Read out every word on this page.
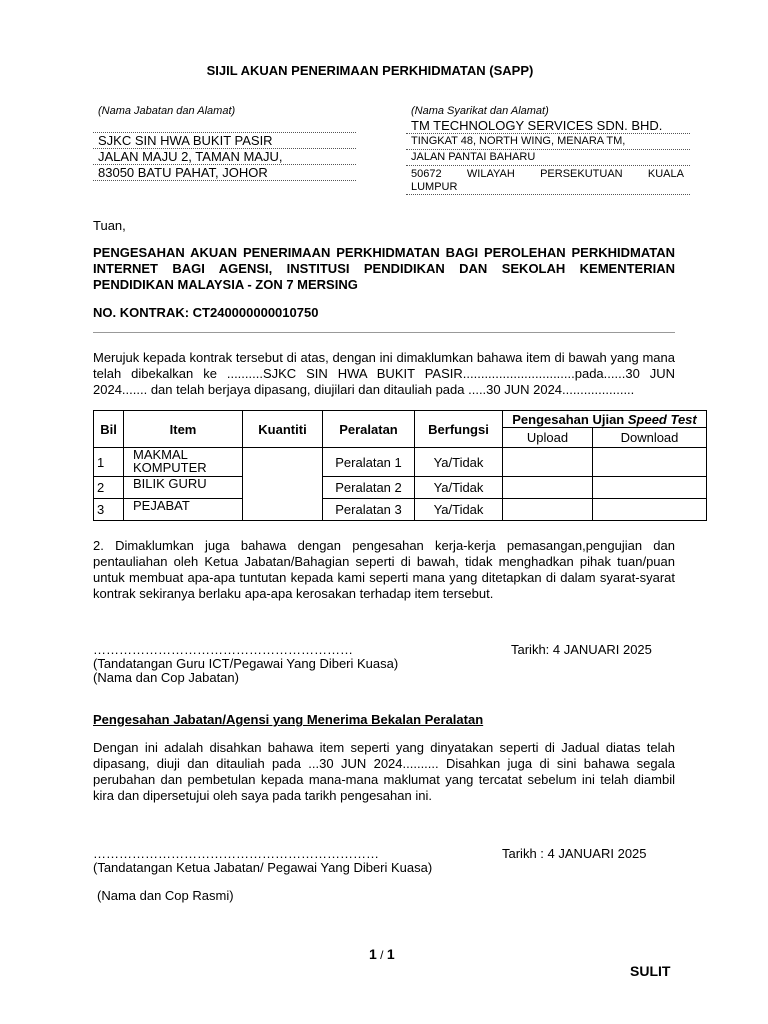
SIJIL AKUAN PENERIMAAN PERKHIDMATAN (SAPP)
(Nama Jabatan dan Alamat)
SJKC SIN HWA BUKIT PASIR
JALAN MAJU 2, TAMAN MAJU,
83050 BATU PAHAT, JOHOR
(Nama Syarikat dan Alamat)
TM TECHNOLOGY SERVICES SDN. BHD.
TINGKAT 48, NORTH WING, MENARA TM,
JALAN PANTAI BAHARU
50672 WILAYAH PERSEKUTUAN KUALA
LUMPUR
Tuan,
PENGESAHAN AKUAN PENERIMAAN PERKHIDMATAN BAGI PEROLEHAN PERKHIDMATAN INTERNET BAGI AGENSI, INSTITUSI PENDIDIKAN DAN SEKOLAH KEMENTERIAN PENDIDIKAN MALAYSIA - ZON 7 MERSING
NO. KONTRAK: CT240000000010750
Merujuk kepada kontrak tersebut di atas, dengan ini dimaklumkan bahawa item di bawah yang mana telah dibekalkan ke ..........SJKC SIN HWA BUKIT PASIR...............................pada......30 JUN 2024....... dan telah berjaya dipasang, diujilari dan ditauliah pada .....30 JUN 2024....................
Bil	Item	Kuantiti	Peralatan	Berfungsi	Pengesahan Ujian Speed Test	
					Upload	Download
1	MAKMAL KOMPUTER		Peralatan 1	Ya/Tidak		
2	BILIK GURU		Peralatan 2	Ya/Tidak		
3	PEJABAT		Peralatan 3	Ya/Tidak		
2. Dimaklumkan juga bahawa dengan pengesahan kerja-kerja pemasangan,pengujian dan pentauliahan oleh Ketua Jabatan/Bahagian seperti di bawah, tidak menghadkan pihak tuan/puan untuk membuat apa-apa tuntutan kepada kami seperti mana yang ditetapkan di dalam syarat-syarat kontrak sekiranya berlaku apa-apa kerosakan terhadap item tersebut.
……………………………………………………
(Tandatangan Guru ICT/Pegawai Yang Diberi Kuasa)
(Nama dan Cop Jabatan)
Tarikh: 4 JANUARI 2025
Pengesahan Jabatan/Agensi yang Menerima Bekalan Peralatan
Dengan ini adalah disahkan bahawa item seperti yang dinyatakan seperti di Jadual diatas telah dipasang, diuji dan ditauliah pada ...30 JUN 2024.......... Disahkan juga di sini bahawa segala perubahan dan pembetulan kepada mana-mana maklumat yang tercatat sebelum ini telah diambil kira dan dipersetujui oleh saya pada tarikh pengesahan ini.
…………………………………………………………
(Tandatangan Ketua Jabatan/ Pegawai Yang Diberi Kuasa)
(Nama dan Cop Rasmi)
Tarikh : 4 JANUARI 2025
1 / 1
SULIT
